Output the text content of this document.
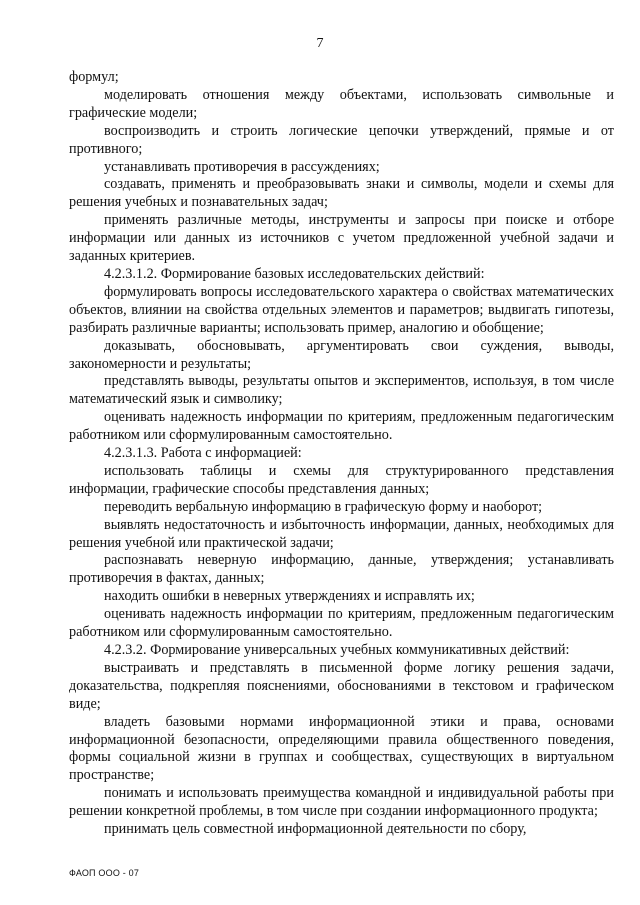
7

формул;

моделировать отношения между объектами, использовать символьные и графические модели;

воспроизводить и строить логические цепочки утверждений, прямые и от противного;

устанавливать противоречия в рассуждениях;

создавать, применять и преобразовывать знаки и символы, модели и схемы для решения учебных и познавательных задач;

применять различные методы, инструменты и запросы при поиске и отборе информации или данных из источников с учетом предложенной учебной задачи и заданных критериев.

4.2.3.1.2. Формирование базовых исследовательских действий:

формулировать вопросы исследовательского характера о свойствах математических объектов, влиянии на свойства отдельных элементов и параметров; выдвигать гипотезы, разбирать различные варианты; использовать пример, аналогию и обобщение;

доказывать, обосновывать, аргументировать свои суждения, выводы, закономерности и результаты;

представлять выводы, результаты опытов и экспериментов, используя, в том числе математический язык и символику;

оценивать надежность информации по критериям, предложенным педагогическим работником или сформулированным самостоятельно.

4.2.3.1.3. Работа с информацией:

использовать таблицы и схемы для структурированного представления информации, графические способы представления данных;

переводить вербальную информацию в графическую форму и наоборот;

выявлять недостаточность и избыточность информации, данных, необходимых для решения учебной или практической задачи;

распознавать неверную информацию, данные, утверждения; устанавливать противоречия в фактах, данных;

находить ошибки в неверных утверждениях и исправлять их;

оценивать надежность информации по критериям, предложенным педагогическим работником или сформулированным самостоятельно.

4.2.3.2. Формирование универсальных учебных коммуникативных действий:

выстраивать и представлять в письменной форме логику решения задачи, доказательства, подкрепляя пояснениями, обоснованиями в текстовом и графическом виде;

владеть базовыми нормами информационной этики и права, основами информационной безопасности, определяющими правила общественного поведения, формы социальной жизни в группах и сообществах, существующих в виртуальном пространстве;

понимать и использовать преимущества командной и индивидуальной работы при решении конкретной проблемы, в том числе при создании информационного продукта;

принимать цель совместной информационной деятельности по сбору,

ФАОП ООО - 07
